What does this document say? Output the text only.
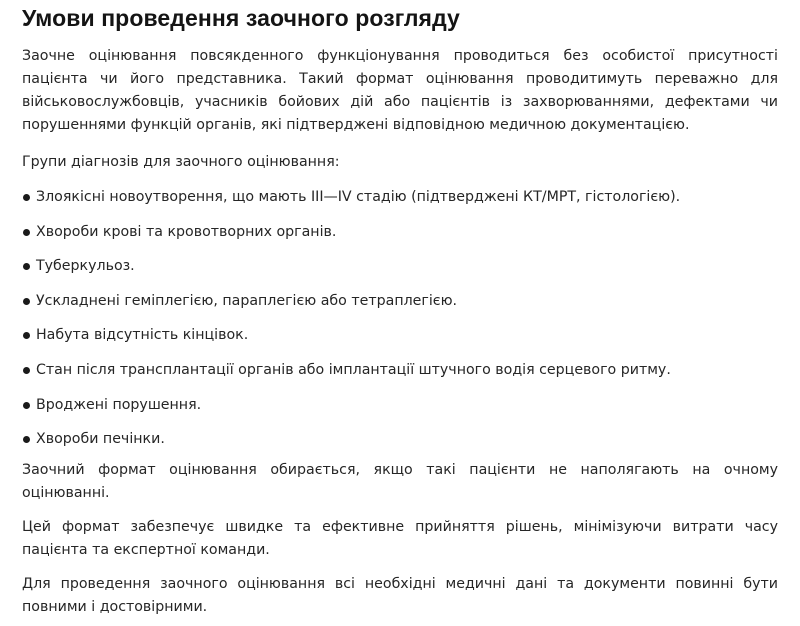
Умови проведення заочного розгляду

Заочне оцінювання повсякденного функціонування проводиться без особистої присутності пацієнта чи його представника. Такий формат оцінювання проводитимуть переважно для військовослужбовців, учасників бойових дій або пацієнтів із захворюваннями, дефектами чи порушеннями функцій органів, які підтверджені відповідною медичною документацією.

Групи діагнозів для заочного оцінювання:
Злоякісні новоутворення, що мають III—IV стадію (підтверджені КТ/МРТ, гістологією).
Хвороби крові та кровотворних органів.
Туберкульоз.
Ускладнені геміплегією, параплегією або тетраплегією.
Набута відсутність кінцівок.
Стан після трансплантації органів або імплантації штучного водія серцевого ритму.
Вроджені порушення.
Хвороби печінки.

Заочний формат оцінювання обирається, якщо такі пацієнти не наполягають на очному оцінюванні.

Цей формат забезпечує швидке та ефективне прийняття рішень, мінімізуючи витрати часу пацієнта та експертної команди.

Для проведення заочного оцінювання всі необхідні медичні дані та документи повинні бути повними і достовірними.
